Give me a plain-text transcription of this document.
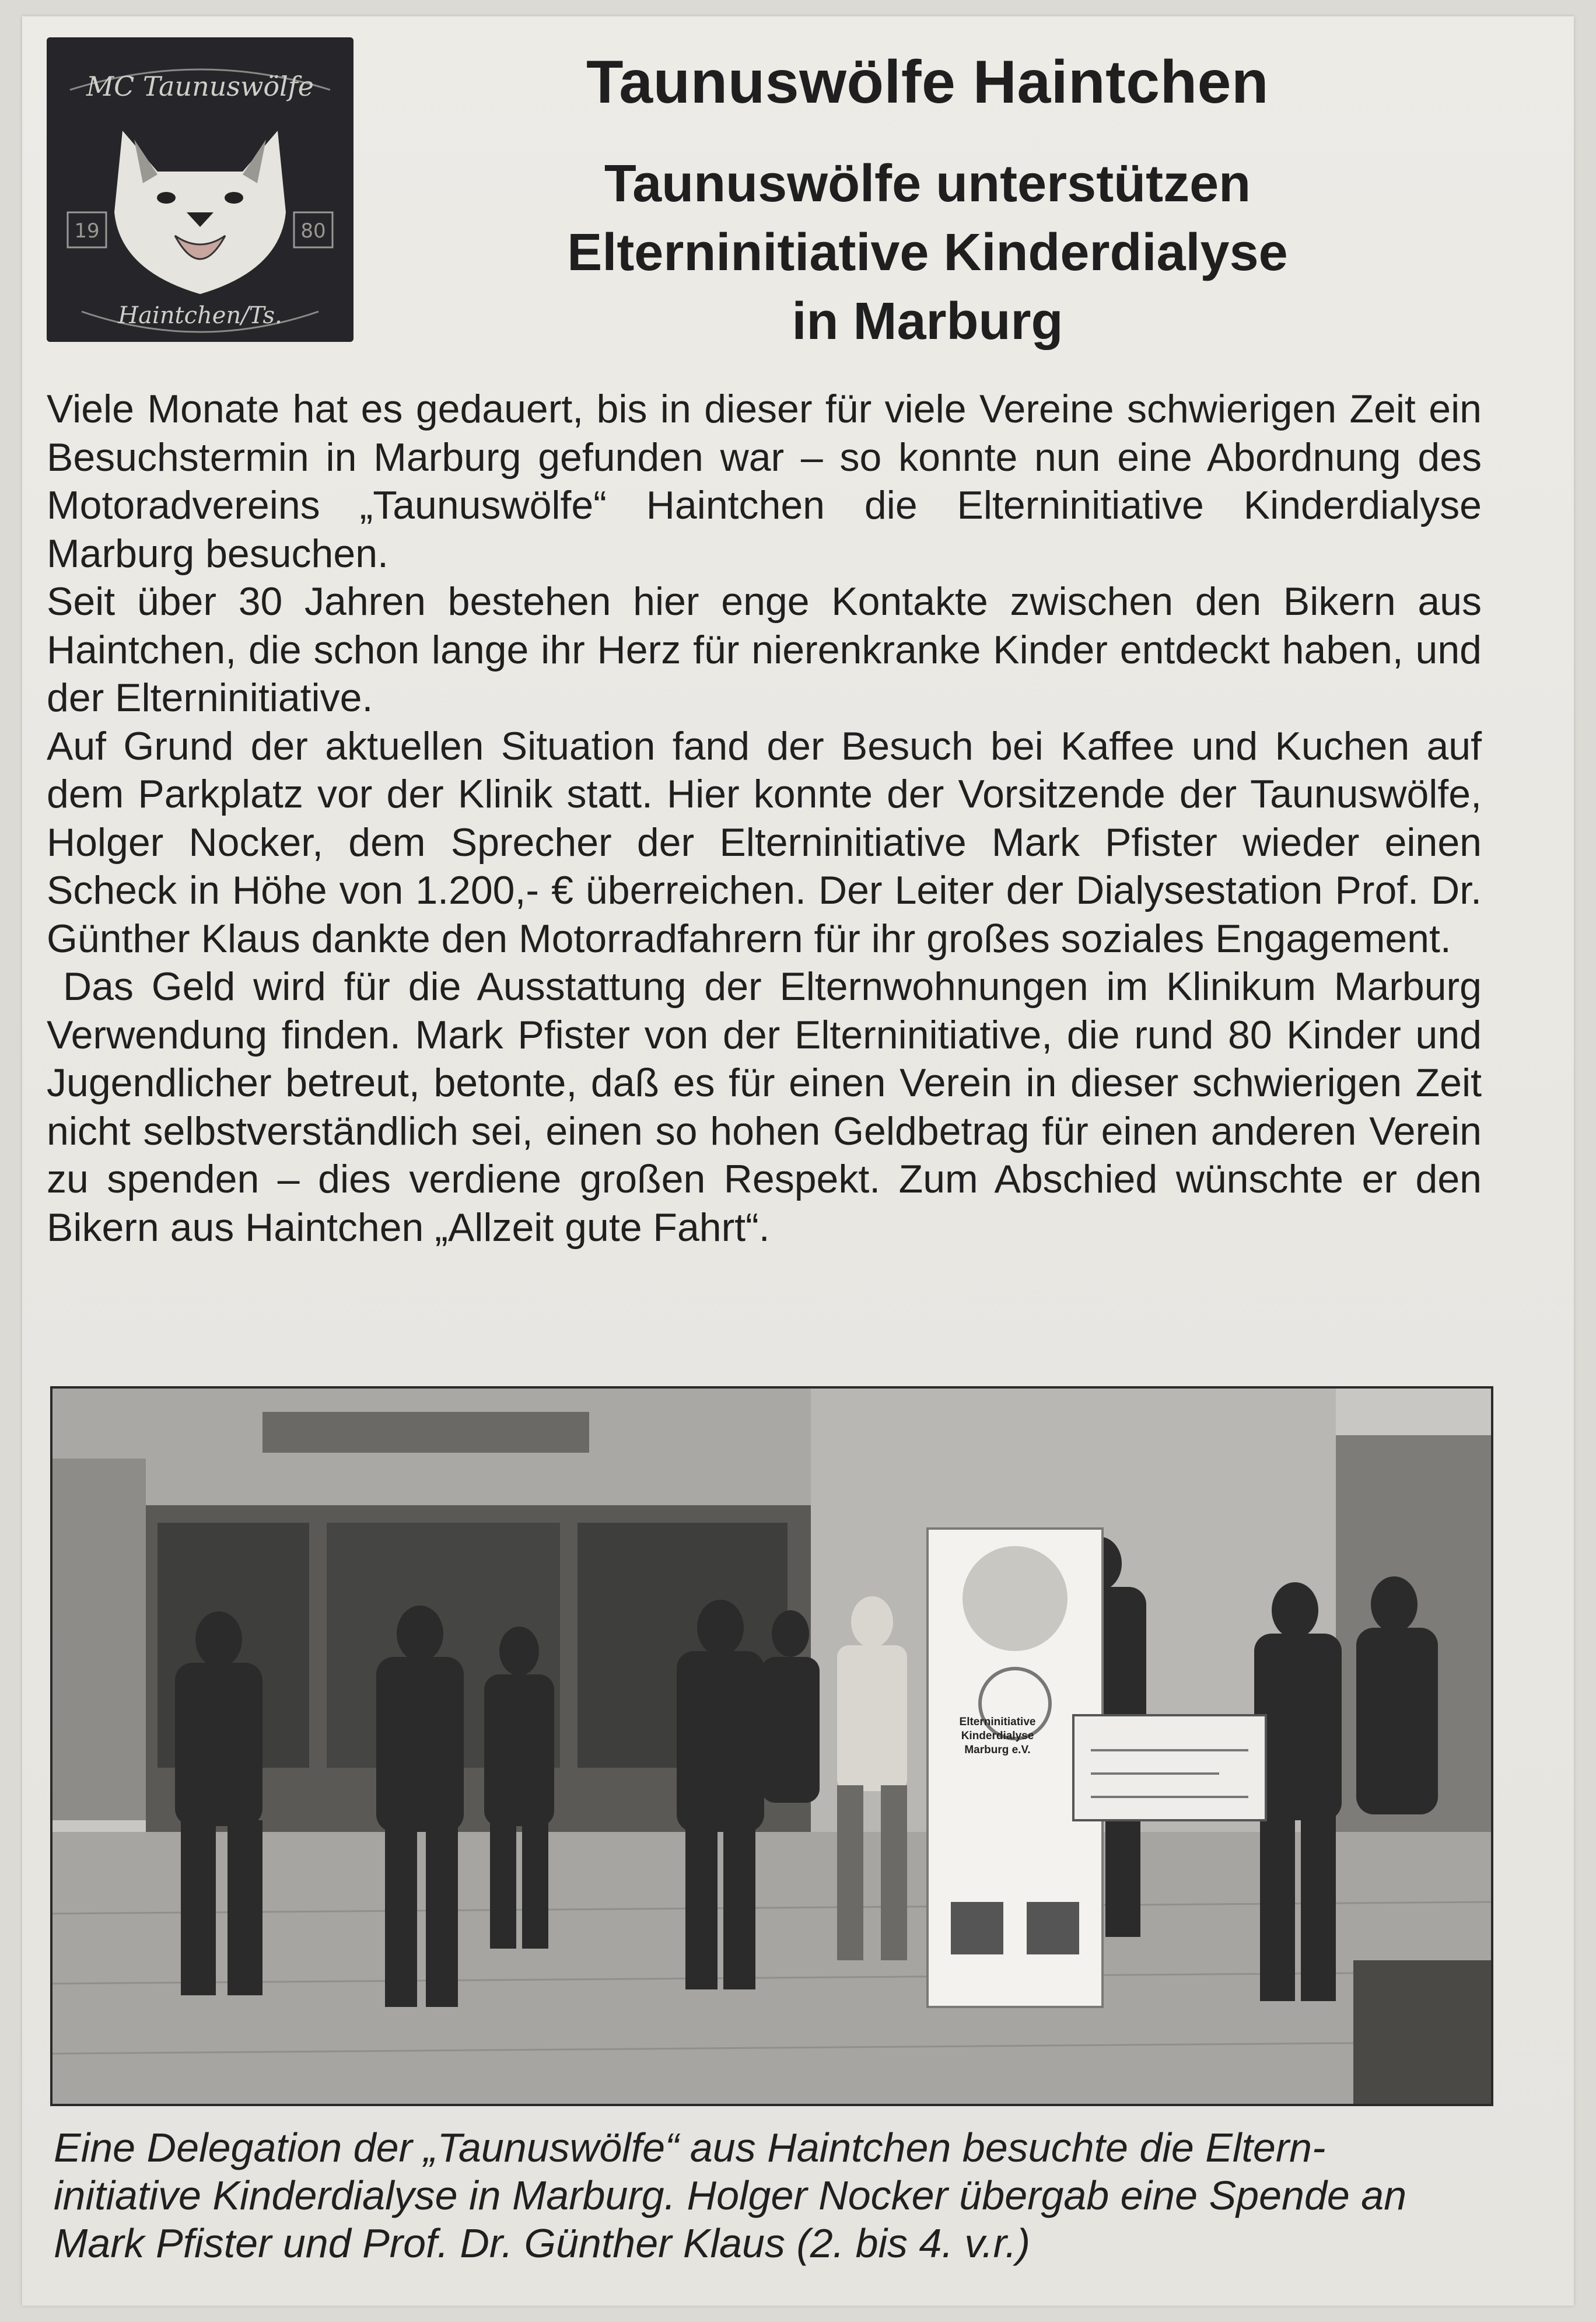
MC Taunuswölfe
19	80
Haintchen/Ts.
Taunuswölfe Haintchen
Taunuswölfe unterstützen
Elterninitiative Kinderdialyse
in Marburg

Viele Monate hat es gedauert, bis in dieser für viele Vereine schwierigen Zeit ein Besuchstermin in Marburg gefunden war – so konnte nun eine Abordnung des Motoradvereins „Taunuswölfe“ Haintchen die Elterninitiative Kinderdialyse Marburg besuchen.

Seit über 30 Jahren bestehen hier enge Kontakte zwischen den Bikern aus Haintchen, die schon lange ihr Herz für nierenkranke Kinder entdeckt haben, und der Elterninitiative.

Auf Grund der aktuellen Situation fand der Besuch bei Kaffee und Kuchen auf dem Parkplatz vor der Klinik statt. Hier konnte der Vorsitzende der Taunuswölfe, Holger Nocker, dem Sprecher der Elterninitiative Mark Pfister wieder einen Scheck in Höhe von 1.200,- € überreichen. Der Leiter der Dialysestation Prof. Dr. Günther Klaus dankte den Motorradfahrern für ihr großes soziales Engagement.

Das Geld wird für die Ausstattung der Elternwohnungen im Klinikum Marburg Verwendung finden. Mark Pfister von der Elterninitiative, die rund 80 Kinder und Jugendlicher betreut, betonte, daß es für einen Verein in dieser schwierigen Zeit nicht selbstverständlich sei, einen so hohen Geldbetrag für einen anderen Verein zu spenden – dies verdiene großen Respekt. Zum Abschied wünschte er den Bikern aus Haintchen „Allzeit gute Fahrt“.

Elterninitiative
Kinderdialyse
Marburg e.V.
Eine Delegation der „Taunuswölfe“ aus Haintchen besuchte die Eltern-
initiative Kinderdialyse in Marburg. Holger Nocker übergab eine Spende an
Mark Pfister und Prof. Dr. Günther Klaus (2. bis 4. v.r.)
